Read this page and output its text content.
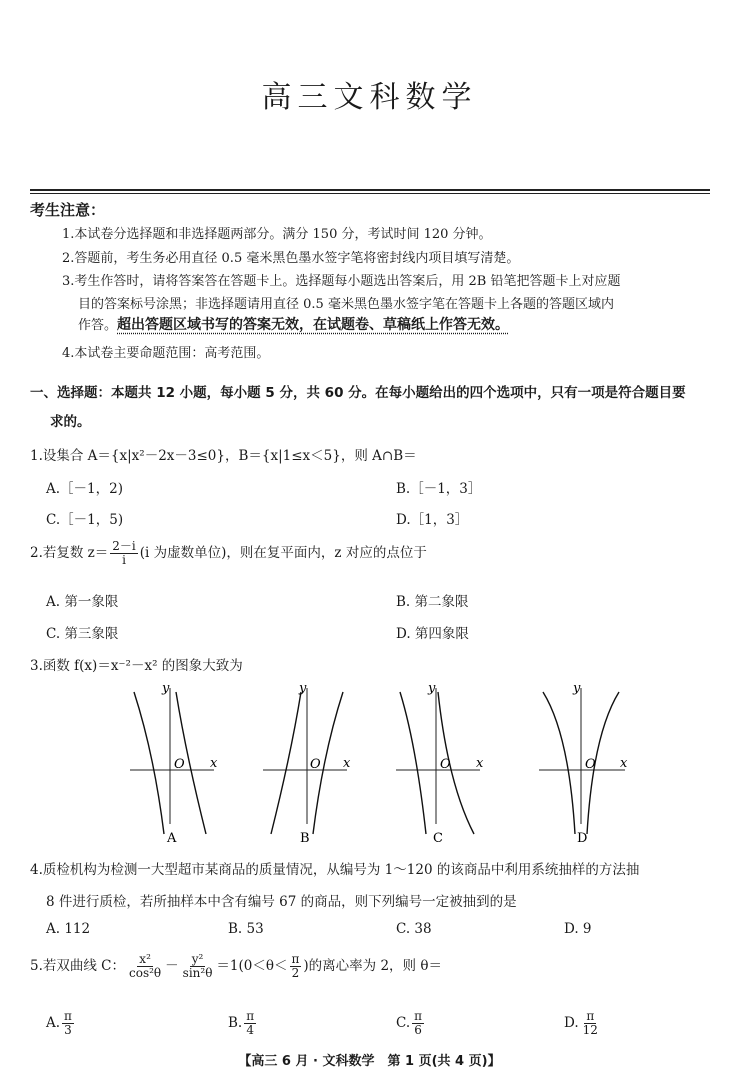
高三文科数学
考生注意：
1.本试卷分选择题和非选择题两部分。满分 150 分，考试时间 120 分钟。
2.答题前，考生务必用直径 0.5 毫米黑色墨水签字笔将密封线内项目填写清楚。
3.考生作答时，请将答案答在答题卡上。选择题每小题选出答案后，用 2B 铅笔把答题卡上对应题
目的答案标号涂黑；非选择题请用直径 0.5 毫米黑色墨水签字笔在答题卡上各题的答题区域内
作答。超出答题区域书写的答案无效，在试题卷、草稿纸上作答无效。
4.本试卷主要命题范围：高考范围。
一、选择题：本题共 12 小题，每小题 5 分，共 60 分。在每小题给出的四个选项中，只有一项是符合题目要
求的。
1.设集合 A＝{x|x²－2x－3≤0}，B＝{x|1≤x＜5}，则 A∩B＝
A.［－1，2)	B.［－1，3］
C.［－1，5)	D.［1，3］
2.若复数 $z= \frac{2-i}{i} (i$ 为虚数单位)，则在复平面内，z 对应的点位于
A. 第一象限	B. 第二象限
C. 第三象限	D. 第四象限
3.函数 f(x)＝x⁻²－x² 的图象大致为
y
x
O
A
y
x
O
B
y
x
O
C
y
x
O
D
4.质检机构为检测一大型超市某商品的质量情况，从编号为 1～120 的该商品中利用系统抽样的方法抽
8 件进行质检，若所抽样本中含有编号 67 的商品，则下列编号一定被抽到的是
A. 112	B. 53	C. 38	D. 9
5.若双曲线 C： $\frac{\text{x²}}{\text{cos²θ}} - \frac{\text{y²}}{\text{sin²θ}} =1(0<\theta< \frac{\pi}{2}$ )的离心率为 2，则 θ＝
A. $\frac{\pi}{3}$	B. $\frac{\pi}{4}$	C. $\frac{\pi}{6}$	D. $\frac{\pi}{12}$
【高三 6 月 · 文科数学　第 1 页(共 4 页)】
